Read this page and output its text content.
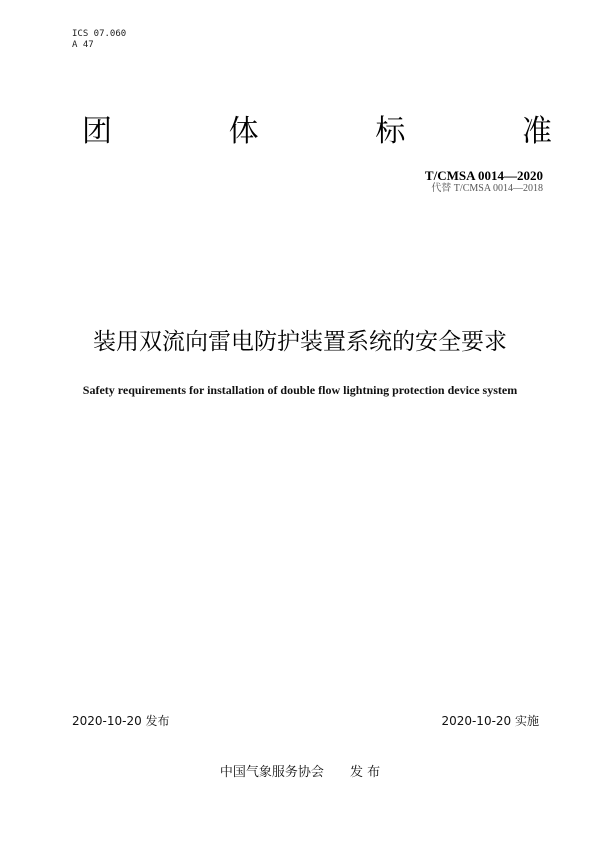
ICS 07.060
A 47
团	体	标	准
T/CMSA 0014—2020
代替 T/CMSA 0014—2018
装用双流向雷电防护装置系统的安全要求
Safety requirements for installation of double flow lightning protection device system
2020-10-20 发布	2020-10-20 实施
中国气象服务协会 发 布
